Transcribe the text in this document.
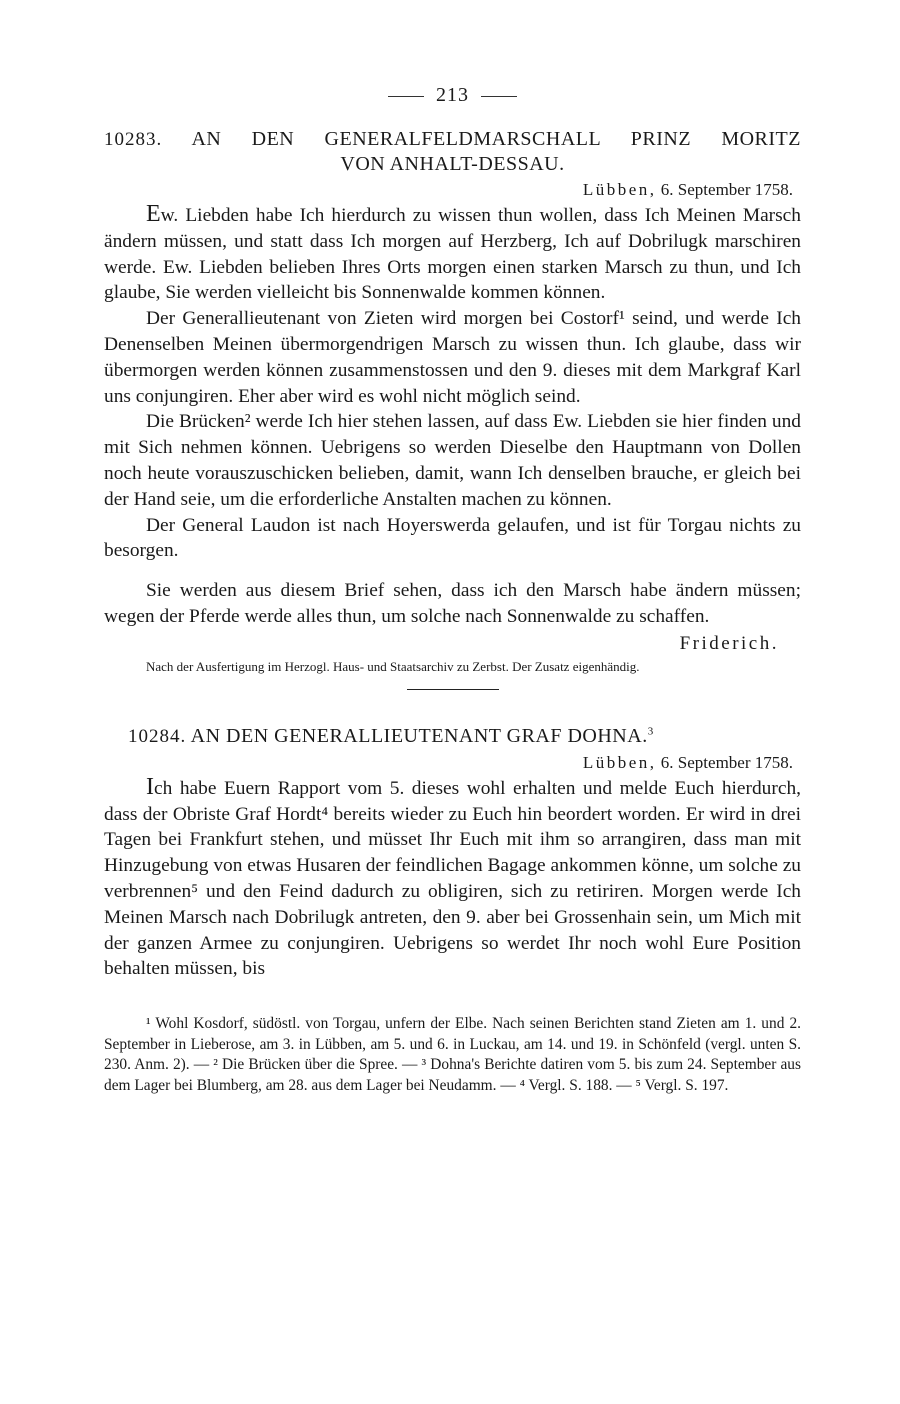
213
10283. AN DEN GENERALFELDMARSCHALL PRINZ MORITZ
VON ANHALT-DESSAU.
Lübben, 6. September 1758.

Ew. Liebden habe Ich hierdurch zu wissen thun wollen, dass Ich Meinen Marsch ändern müssen, und statt dass Ich morgen auf Herzberg, Ich auf Dobrilugk marschiren werde. Ew. Liebden belieben Ihres Orts morgen einen starken Marsch zu thun, und Ich glaube, Sie werden vielleicht bis Sonnenwalde kommen können.

Der Generallieutenant von Zieten wird morgen bei Costorf¹ seind, und werde Ich Denenselben Meinen übermorgendrigen Marsch zu wissen thun. Ich glaube, dass wir übermorgen werden können zusammenstossen und den 9. dieses mit dem Markgraf Karl uns conjungiren. Eher aber wird es wohl nicht möglich seind.

Die Brücken² werde Ich hier stehen lassen, auf dass Ew. Liebden sie hier finden und mit Sich nehmen können. Uebrigens so werden Dieselbe den Hauptmann von Dollen noch heute vorauszuschicken belieben, damit, wann Ich denselben brauche, er gleich bei der Hand seie, um die erforderliche Anstalten machen zu können.

Der General Laudon ist nach Hoyerswerda gelaufen, und ist für Torgau nichts zu besorgen.

Sie werden aus diesem Brief sehen, dass ich den Marsch habe ändern müssen; wegen der Pferde werde alles thun, um solche nach Sonnenwalde zu schaffen.

Friderich.
Nach der Ausfertigung im Herzogl. Haus- und Staatsarchiv zu Zerbst. Der Zusatz eigenhändig.
10284. AN DEN GENERALLIEUTENANT GRAF DOHNA.$^3$
Lübben, 6. September 1758.

Ich habe Euern Rapport vom 5. dieses wohl erhalten und melde Euch hierdurch, dass der Obriste Graf Hordt⁴ bereits wieder zu Euch hin beordert worden. Er wird in drei Tagen bei Frankfurt stehen, und müsset Ihr Euch mit ihm so arrangiren, dass man mit Hinzugebung von etwas Husaren der feindlichen Bagage ankommen könne, um solche zu verbrennen⁵ und den Feind dadurch zu obligiren, sich zu retiriren. Morgen werde Ich Meinen Marsch nach Dobrilugk antreten, den 9. aber bei Grossenhain sein, um Mich mit der ganzen Armee zu conjungiren. Uebrigens so werdet Ihr noch wohl Eure Position behalten müssen, bis

¹ Wohl Kosdorf, südöstl. von Torgau, unfern der Elbe. Nach seinen Berichten stand Zieten am 1. und 2. September in Lieberose, am 3. in Lübben, am 5. und 6. in Luckau, am 14. und 19. in Schönfeld (vergl. unten S. 230. Anm. 2). — ² Die Brücken über die Spree. — ³ Dohna's Berichte datiren vom 5. bis zum 24. September aus dem Lager bei Blumberg, am 28. aus dem Lager bei Neudamm. — ⁴ Vergl. S. 188. — ⁵ Vergl. S. 197.
